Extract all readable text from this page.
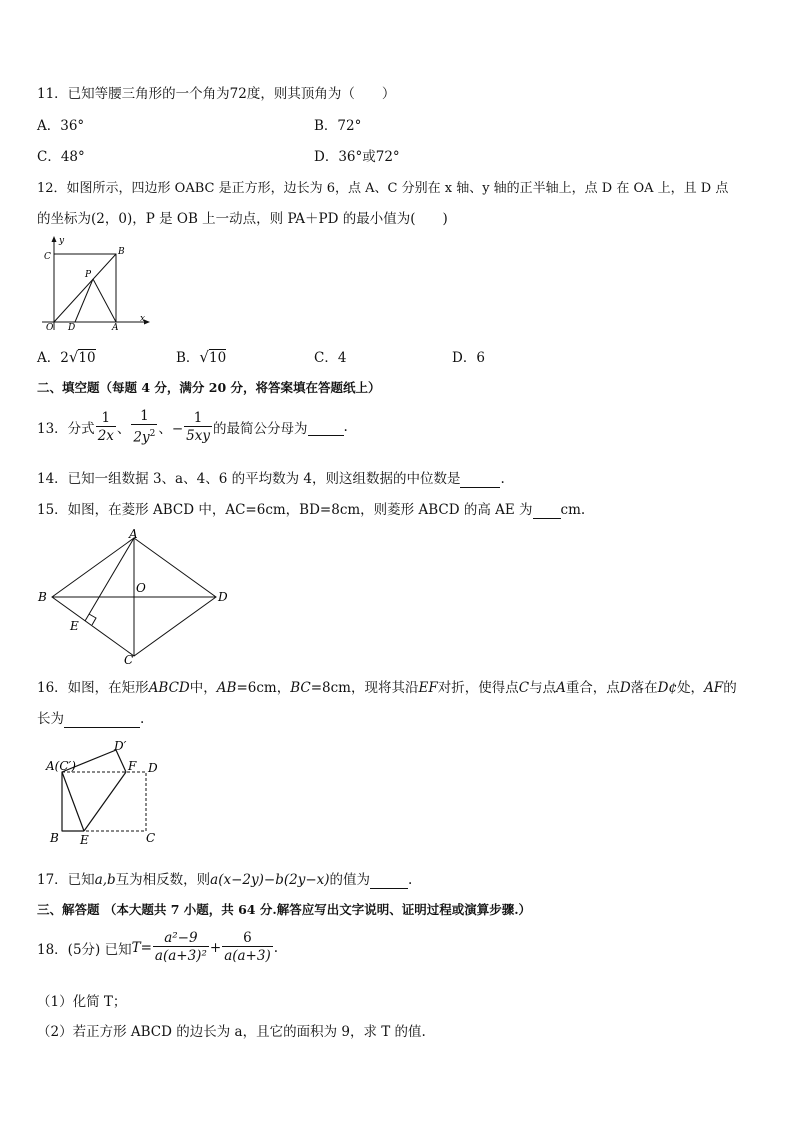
11．已知等腰三角形的一个角为72度，则其顶角为（　　）
A．36°	B．72°
C．48°	D．36°或72°
12．如图所示，四边形 OABC 是正方形，边长为 6，点 A、C 分别在 x 轴、y 轴的正半轴上，点 D 在 OA 上，且 D 点
的坐标为(2，0)，P 是 OB 上一动点，则 PA＋PD 的最小值为(　　)
y
x
C	B
P
O D	A
A．2√10	B．√10	C．4	D．6
二、填空题（每题 4 分，满分 20 分，将答案填在答题纸上）
13．分式 $\frac{1}{2x}$ 、 $\frac{1}{2y^2}$ 、− $\frac{1}{5xy}$ 的最简公分母为
	.
14．已知一组数据 3、a、4、6 的平均数为 4，则这组数据的中位数是	.
15．如图，在菱形 ABCD 中，AC=6cm，BD=8cm，则菱形 ABCD 的高 AE 为 cm.
A
B	D
O
E
C
16．如图，在矩形ABCD中，AB=6cm，BC=8cm，现将其沿EF对折，使得点C与点A重合，点D落在D¢处，AF的
长为	.
A(C′)
D′
F D
B E	C
17．已知a,b互为相反数，则a(x−2y)−b(2y−x)的值为	.
三、解答题 （本大题共 7 小题，共 64 分.解答应写出文字说明、证明过程或演算步骤.）
18．(5分) 已知 $T = \frac{\text{a²−9}}{\text{a(a+3)²}} + \frac{6}{a(a+3)}$ .
（1）化简 T；
（2）若正方形 ABCD 的边长为 a，且它的面积为 9，求 T 的值.
